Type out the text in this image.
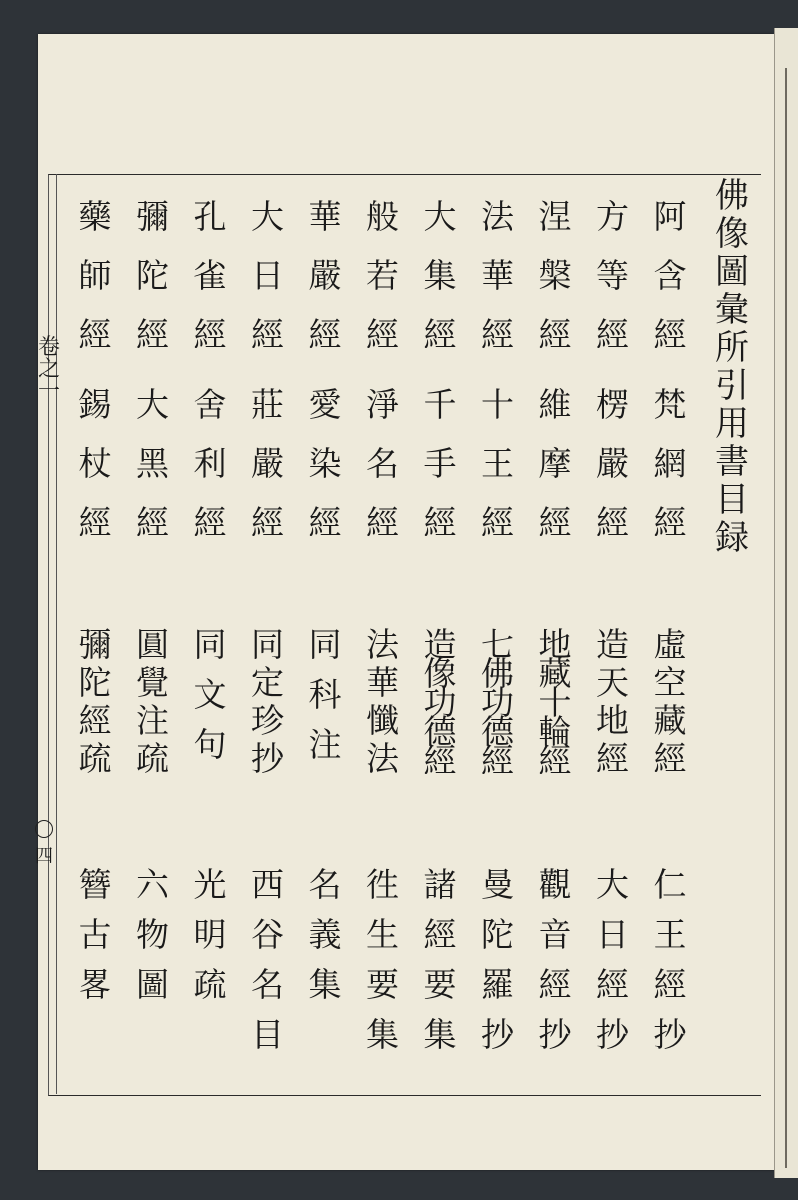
佛
像
圖
彙
所
引
用
書
目
録
卷
之
一
四
阿
含
經
梵
網
經
虛
空
藏
經
仁
王
經
抄
方
等
經
楞
嚴
經
造
天
地
經
大
日
經
抄
涅
槃
經
維
摩
經
地
藏
十
輪
經
觀
音
經
抄
法
華
經
十
王
經
七
佛
功
德
經
曼
陀
羅
抄
大
集
經
千
手
經
造
像
功
德
經
諸
經
要
集
般
若
經
淨
名
經
法
華
懺
法
徃
生
要
集
華
嚴
經
愛
染
經
同
科
注
名
義
集
大
日
經
莊
嚴
經
同
定
珍
抄
西
谷
名
目
孔
雀
經
舍
利
經
同
文
句
光
明
疏
彌
陀
經
大
黑
經
圓
覺
注
疏
六
物
圖
藥
師
經
錫
杖
經
彌
陀
經
疏
簪
古
畧
